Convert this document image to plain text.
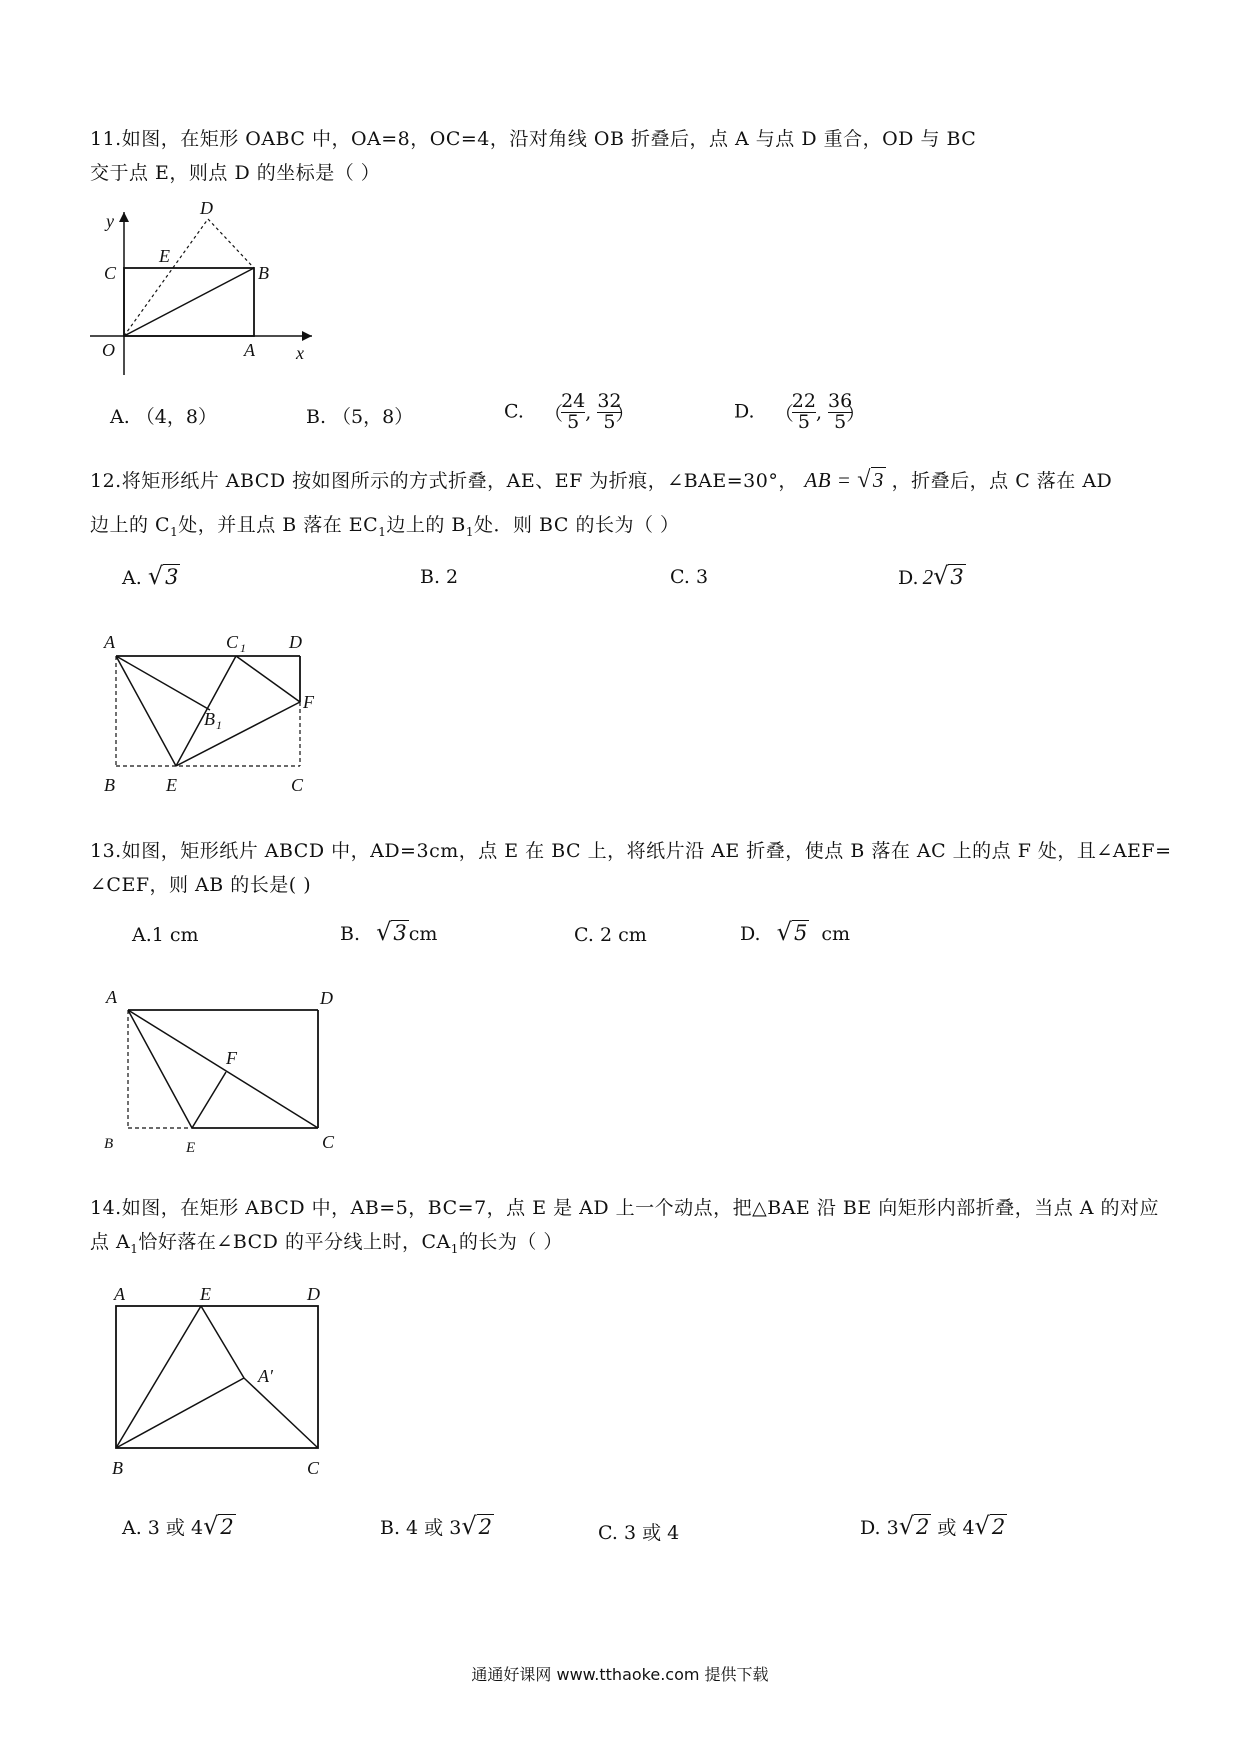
11.如图，在矩形 OABC 中，OA=8，OC=4，沿对角线 OB 折叠后，点 A 与点 D 重合，OD 与 BC
交于点 E，则点 D 的坐标是（ ）
y
x
O	A
B
C
D
E
A. （4，8）	B. （5，8）	C. （
$\frac{24}{5}$ , $\frac{32}{5}$
）	D. （
$\frac{22}{5}$ , $\frac{36}{5}$
）
12.将矩形纸片 ABCD 按如图所示的方式折叠，AE、EF 为折痕，∠BAE=30°， AB = √3 ，折叠后，点 C 落在 AD
边上的 $C_1$处，并且点 B 落在 $EC_1$边上的 $B_1$处．则 BC 的长为（ ）
A. √3	B. 2	C. 3	D. 2√3
A	C 1 D
B 1
F
B	E	C
13.如图，矩形纸片 ABCD 中，AD=3cm，点 E 在 BC 上，将纸片沿 AE 折叠，使点 B 落在 AC 上的点 F 处，且∠AEF=
∠CEF，则 AB 的长是( )
A.1 cm	B. √3 cm	C. 2 cm	D. √5 cm
A	D
F
B	E	C
14.如图，在矩形 ABCD 中，AB=5，BC=7，点 E 是 AD 上一个动点，把△BAE 沿 BE 向矩形内部折叠，当点 A 的对应
点 $A_1$恰好落在∠BCD 的平分线上时，$CA_1$的长为（ ）
A	E	D
A′
B	C
A. 3 或 4√2	B. 4 或 3√2	C. 3 或 4	D. 3√2 或 4√2
通通好课网 www.tthaoke.com 提供下载
